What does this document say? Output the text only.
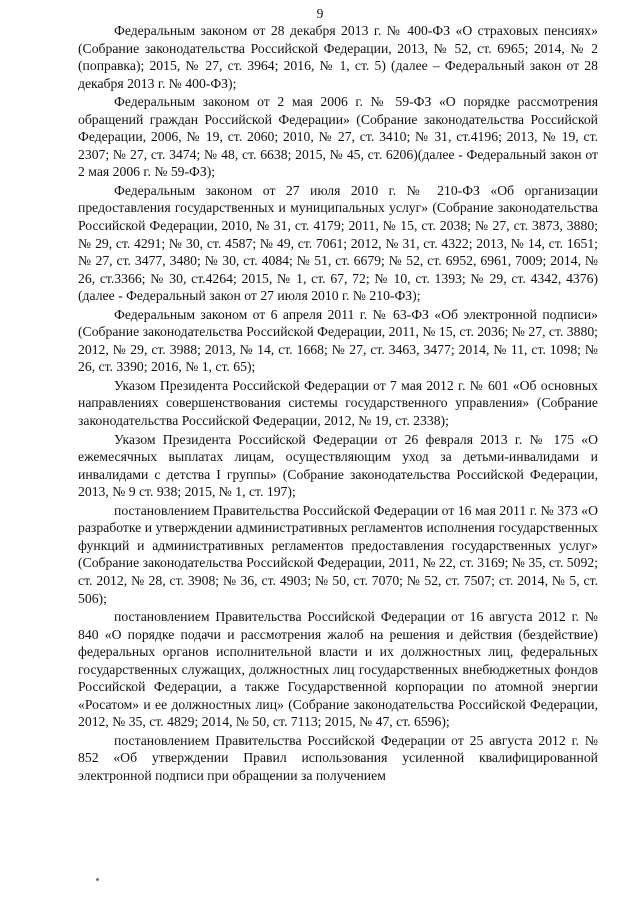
9

Федеральным законом от 28 декабря 2013 г. № 400-ФЗ «О страховых пенсиях» (Собрание законодательства Российской Федерации, 2013, № 52, ст. 6965; 2014, № 2 (поправка); 2015, № 27, ст. 3964; 2016, № 1, ст. 5) (далее – Федеральный закон от 28 декабря 2013 г. № 400-ФЗ);

Федеральным законом от 2 мая 2006 г. № 59-ФЗ «О порядке рассмотрения обращений граждан Российской Федерации» (Собрание законодательства Российской Федерации, 2006, № 19, ст. 2060; 2010, № 27, ст. 3410; № 31, ст.4196; 2013, № 19, ст. 2307; № 27, ст. 3474; № 48, ст. 6638; 2015, № 45, ст. 6206)(далее - Федеральный закон от 2 мая 2006 г. № 59-ФЗ);

Федеральным законом от 27 июля 2010 г. № 210-ФЗ «Об организации предоставления государственных и муниципальных услуг» (Собрание законодательства Российской Федерации, 2010, № 31, ст. 4179; 2011, № 15, ст. 2038; № 27, ст. 3873, 3880; № 29, ст. 4291; № 30, ст. 4587; № 49, ст. 7061; 2012, № 31, ст. 4322; 2013, № 14, ст. 1651; № 27, ст. 3477, 3480; № 30, ст. 4084; № 51, ст. 6679; № 52, ст. 6952, 6961, 7009; 2014, № 26, ст.3366; № 30, ст.4264; 2015, № 1, ст. 67, 72; № 10, ст. 1393; № 29, ст. 4342, 4376) (далее - Федеральный закон от 27 июля 2010 г. № 210-ФЗ);

Федеральным законом от 6 апреля 2011 г. № 63-ФЗ «Об электронной подписи» (Собрание законодательства Российской Федерации, 2011, № 15, ст. 2036; № 27, ст. 3880; 2012, № 29, ст. 3988; 2013, № 14, ст. 1668; № 27, ст. 3463, 3477; 2014, № 11, ст. 1098; № 26, ст. 3390; 2016, № 1, ст. 65);

Указом Президента Российской Федерации от 7 мая 2012 г. № 601 «Об основных направлениях совершенствования системы государственного управления» (Собрание законодательства Российской Федерации, 2012, № 19, ст. 2338);

Указом Президента Российской Федерации от 26 февраля 2013 г. № 175 «О ежемесячных выплатах лицам, осуществляющим уход за детьми-инвалидами и инвалидами с детства I группы» (Собрание законодательства Российской Федерации, 2013, № 9 ст. 938; 2015, № 1, ст. 197);

постановлением Правительства Российской Федерации от 16 мая 2011 г. № 373 «О разработке и утверждении административных регламентов исполнения государственных функций и административных регламентов предоставления государственных услуг» (Собрание законодательства Российской Федерации, 2011, № 22, ст. 3169; № 35, ст. 5092; ст. 2012, № 28, ст. 3908; № 36, ст. 4903; № 50, ст. 7070; № 52, ст. 7507; ст. 2014, № 5, ст. 506);

постановлением Правительства Российской Федерации от 16 августа 2012 г. № 840 «О порядке подачи и рассмотрения жалоб на решения и действия (бездействие) федеральных органов исполнительной власти и их должностных лиц, федеральных государственных служащих, должностных лиц государственных внебюджетных фондов Российской Федерации, а также Государственной корпорации по атомной энергии «Росатом» и ее должностных лиц» (Собрание законодательства Российской Федерации, 2012, № 35, ст. 4829; 2014, № 50, ст. 7113; 2015, № 47, ст. 6596);

постановлением Правительства Российской Федерации от 25 августа 2012 г. № 852 «Об утверждении Правил использования усиленной квалифицированной электронной подписи при обращении за получением
